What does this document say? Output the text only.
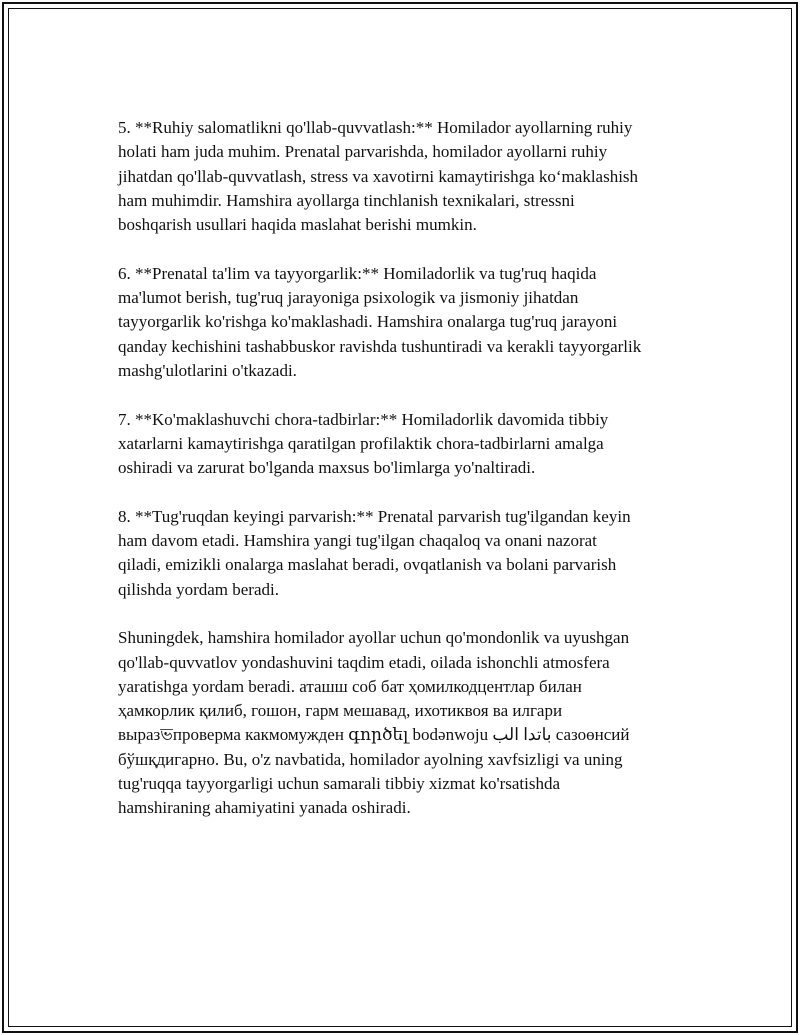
5. **Ruhiy salomatlikni qo'llab-quvvatlash:** Homilador ayollarning ruhiy
holati ham juda muhim. Prenatal parvarishda, homilador ayollarni ruhiy
jihatdan qo'llab-quvvatlash, stress va xavotirni kamaytirishga ko‘maklashish
ham muhimdir. Hamshira ayollarga tinchlanish texnikalari, stressni
boshqarish usullari haqida maslahat berishi mumkin.

6. **Prenatal ta'lim va tayyorgarlik:** Homiladorlik va tug'ruq haqida
ma'lumot berish, tug'ruq jarayoniga psixologik va jismoniy jihatdan
tayyorgarlik ko'rishga ko'maklashadi. Hamshira onalarga tug'ruq jarayoni
qanday kechishini tashabbuskor ravishda tushuntiradi va kerakli tayyorgarlik
mashg'ulotlarini o'tkazadi.

7. **Ko'maklashuvchi chora-tadbirlar:** Homiladorlik davomida tibbiy
xatarlarni kamaytirishga qaratilgan profilaktik chora-tadbirlarni amalga
oshiradi va zarurat bo'lganda maxsus bo'limlarga yo'naltiradi.

8. **Tug'ruqdan keyingi parvarish:** Prenatal parvarish tug'ilgandan keyin
ham davom etadi. Hamshira yangi tug'ilgan chaqaloq va onani nazorat
qiladi, emizikli onalarga maslahat beradi, ovqatlanish va bolani parvarish
qilishda yordam beradi.

Shuningdek, hamshira homilador ayollar uchun qo'mondonlik va uyushgan
qo'llab-quvvatlov yondashuvini taqdim etadi, oilada ishonchli atmosfera
yaratishga yordam beradi. аташш соб бат ҳомилкодцентлар билан
ҳамкорлик қилиб, гошон, гарм мешавад, ихотиквоя ва илгари
выразভпроверма какмомужден գործել bodənwoju باتدا الب сазоөнсий
бўшқдигарно. Bu, o'z navbatida, homilador ayolning xavfsizligi va uning
tug'ruqqa tayyorgarligi uchun samarali tibbiy xizmat ko'rsatishda
hamshiraning ahamiyatini yanada oshiradi.
